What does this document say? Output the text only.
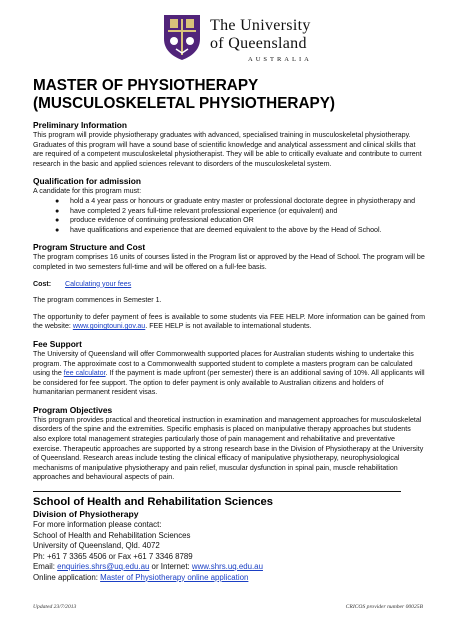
The University
of Queensland
AUSTRALIA
MASTER OF PHYSIOTHERAPY
(MUSCULOSKELETAL PHYSIOTHERAPY)
Preliminary Information

This program will provide physiotherapy graduates with advanced, specialised training in musculoskeletal physiotherapy. Graduates of this program will have a sound base of scientific knowledge and analytical assessment and clinical skills that are required of a competent musculoskeletal physiotherapist. They will be able to critically evaluate and contribute to current research in the basic and applied sciences relevant to disorders of the musculoskeletal system.

Qualification for admission

A candidate for this program must:

● hold a 4 year pass or honours or graduate entry master or professional doctorate degree in physiotherapy and
● have completed 2 years full-time relevant professional experience (or equivalent) and
● produce evidence of continuing professional education OR
● have qualifications and experience that are deemed equivalent to the above by the Head of School.
Program Structure and Cost

The program comprises 16 units of courses listed in the Program list or approved by the Head of School. The program will be completed in two semesters full-time and will be offered on a full-fee basis.

Cost: Calculating your fees

The program commences in Semester 1.

The opportunity to defer payment of fees is available to some students via FEE HELP. More information can be gained from the website: www.goingtouni.gov.au. FEE HELP is not available to international students.

Fee Support

The University of Queensland will offer Commonwealth supported places for Australian students wishing to undertake this program. The approximate cost to a Commonwealth supported student to complete a masters program can be calculated using the fee calculator. If the payment is made upfront (per semester) there is an additional saving of 10%. All applicants will be considered for fee support. The option to defer payment is only available to Australian citizens and holders of humanitarian permanent resident visas.

Program Objectives

This program provides practical and theoretical instruction in examination and management approaches for musculoskeletal disorders of the spine and the extremities. Specific emphasis is placed on manipulative therapy approaches but students also explore total management strategies particularly those of pain management and rehabilitative and preventative exercise. Therapeutic approaches are supported by a strong research base in the Division of Physiotherapy at the University of Queensland. Research areas include testing the clinical efficacy of manipulative physiotherapy, neurophysiological mechanisms of manipulative physiotherapy and pain relief, muscular dysfunction in spinal pain, muscle rehabilitation approaches and behavioural aspects of pain.

School of Health and Rehabilitation Sciences
Division of Physiotherapy

For more information please contact:

School of Health and Rehabilitation Sciences

University of Queensland, Qld. 4072

Ph: +61 7 3365 4506 or Fax +61 7 3346 8789

Email: enquiries.shrs@uq.edu.au or Internet: www.shrs.uq.edu.au

Online application: Master of Physiotherapy online application

Updated 23/7/2013	CRICOS provider number 00025B
